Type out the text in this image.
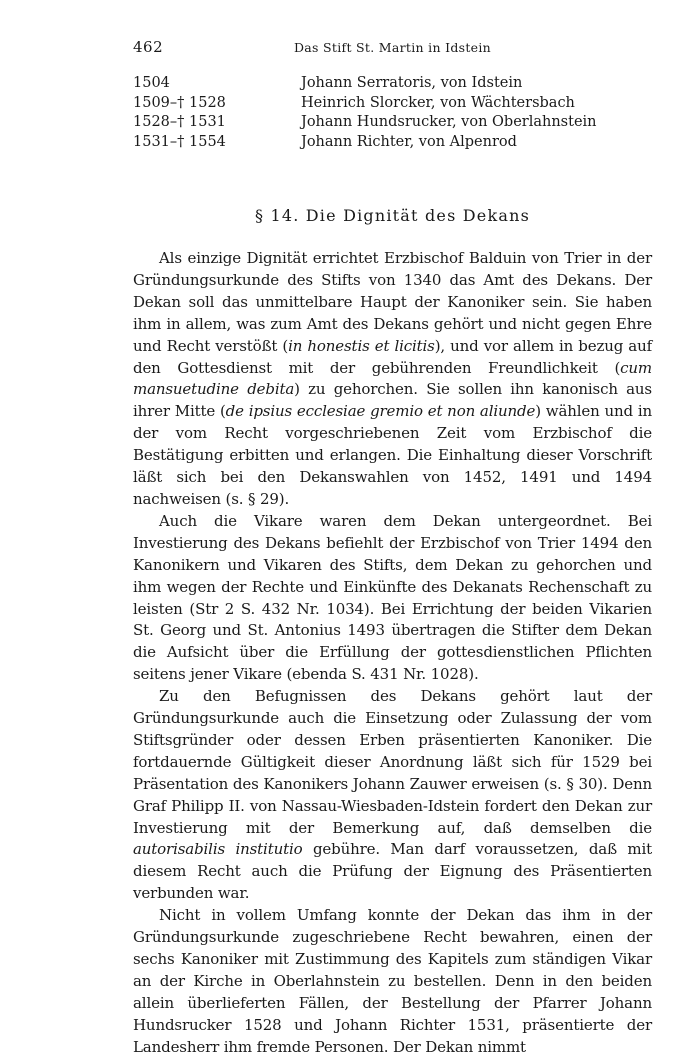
462	Das Stift St. Martin in Idstein
1504	Johann Serratoris, von Idstein
1509–† 1528	Heinrich Slorcker, von Wächtersbach
1528–† 1531	Johann Hundsrucker, von Oberlahnstein
1531–† 1554	Johann Richter, von Alpenrod
§ 14. Die Dignität des Dekans

Als einzige Dignität errichtet Erzbischof Balduin von Trier in der Gründungsurkunde des Stifts von 1340 das Amt des Dekans. Der Dekan soll das unmittelbare Haupt der Kanoniker sein. Sie haben ihm in allem, was zum Amt des Dekans gehört und nicht gegen Ehre und Recht verstößt (in honestis et licitis), und vor allem in bezug auf den Gottesdienst mit der gebührenden Freundlichkeit (cum mansuetudine debita) zu gehorchen. Sie sollen ihn kanonisch aus ihrer Mitte (de ipsius ecclesiae gremio et non aliunde) wählen und in der vom Recht vorgeschriebenen Zeit vom Erzbischof die Bestätigung erbitten und erlangen. Die Einhaltung dieser Vorschrift läßt sich bei den Dekanswahlen von 1452, 1491 und 1494 nachweisen (s. § 29).

Auch die Vikare waren dem Dekan untergeordnet. Bei Investierung des Dekans befiehlt der Erzbischof von Trier 1494 den Kanonikern und Vikaren des Stifts, dem Dekan zu gehorchen und ihm wegen der Rechte und Einkünfte des Dekanats Rechenschaft zu leisten (Str 2 S. 432 Nr. 1034). Bei Errichtung der beiden Vikarien St. Georg und St. Antonius 1493 übertragen die Stifter dem Dekan die Aufsicht über die Erfüllung der gottesdienstlichen Pflichten seitens jener Vikare (ebenda S. 431 Nr. 1028).

Zu den Befugnissen des Dekans gehört laut der Gründungsurkunde auch die Einsetzung oder Zulassung der vom Stiftsgründer oder dessen Erben präsentierten Kanoniker. Die fortdauernde Gültigkeit dieser Anordnung läßt sich für 1529 bei Präsentation des Kanonikers Johann Zauwer erweisen (s. § 30). Denn Graf Philipp II. von Nassau-Wiesbaden-Idstein fordert den Dekan zur Investierung mit der Bemerkung auf, daß demselben die autorisabilis institutio gebühre. Man darf voraussetzen, daß mit diesem Recht auch die Prüfung der Eignung des Präsentierten verbunden war.

Nicht in vollem Umfang konnte der Dekan das ihm in der Gründungsurkunde zugeschriebene Recht bewahren, einen der sechs Kanoniker mit Zustimmung des Kapitels zum ständigen Vikar an der Kirche in Oberlahnstein zu bestellen. Denn in den beiden allein überlieferten Fällen, der Bestellung der Pfarrer Johann Hundsrucker 1528 und Johann Richter 1531, präsentierte der Landesherr ihm fremde Personen. Der Dekan nimmt
